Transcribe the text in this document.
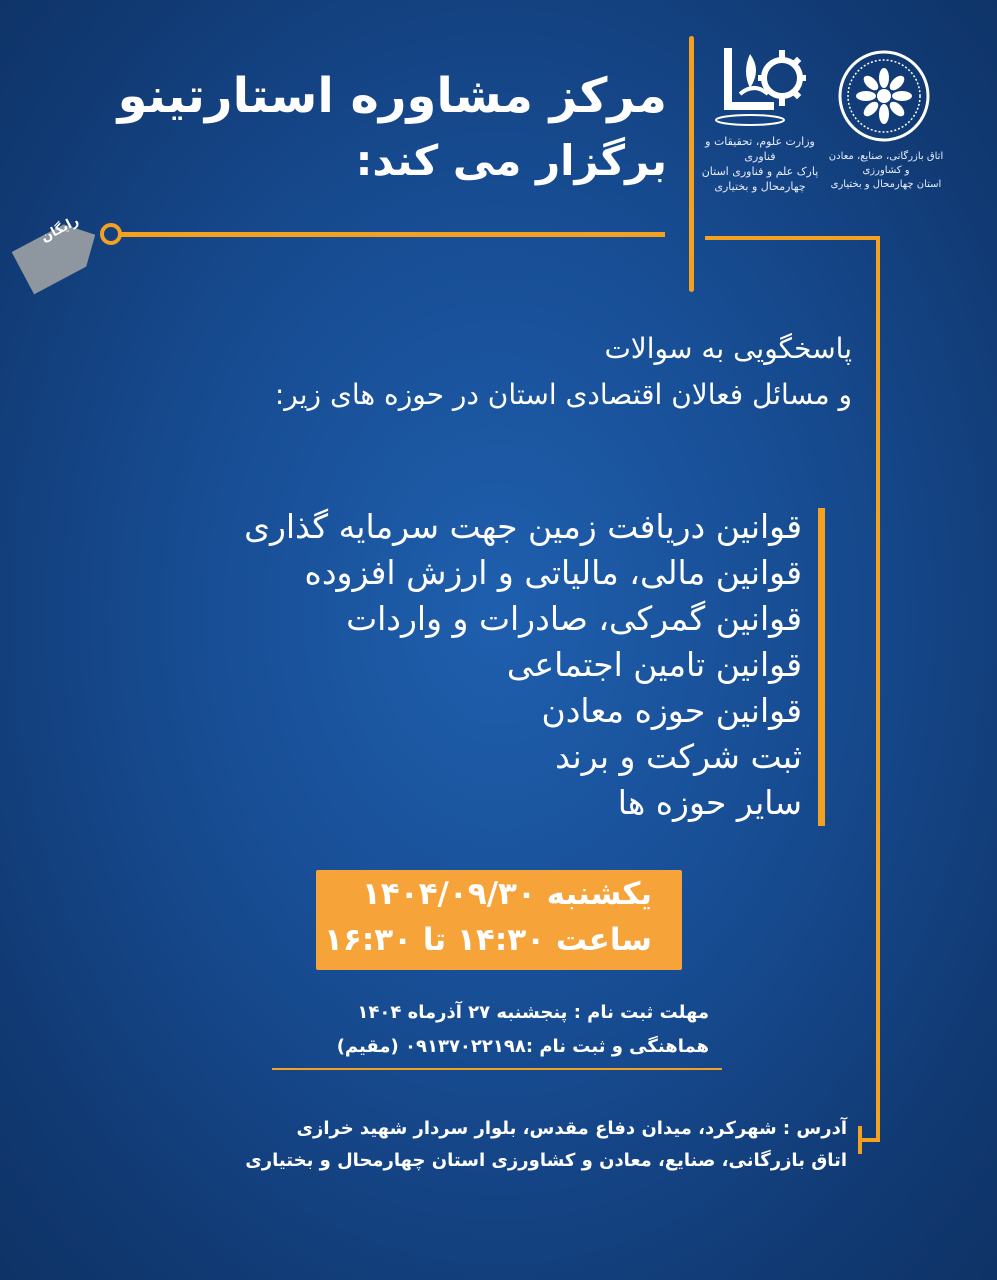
مرکز مشاوره استارتینو
برگزار می کند:
رایگان
وزارت علوم، تحقیقات و فناوری
پارک علم و فناوری استان چهارمحال و بختیاری
اتاق بازرگانی، صنایع، معادن و کشاورزی
استان چهارمحال و بختیاری
پاسخگویی به سوالات
و مسائل فعالان اقتصادی استان در حوزه های زیر:
قوانین دریافت زمین جهت سرمایه گذاری
قوانین مالی، مالیاتی و ارزش افزوده
قوانین گمرکی، صادرات و واردات
قوانین تامین اجتماعی
قوانین حوزه معادن
ثبت شرکت و برند
سایر حوزه ها
یکشنبه ۱۴۰۴/۰۹/۳۰
ساعت ۱۴:۳۰ تا ۱۶:۳۰
مهلت ثبت نام : پنجشنبه ۲۷ آذرماه ۱۴۰۴
هماهنگی و ثبت نام :۰۹۱۳۷۰۲۲۱۹۸ (مقیم)
آدرس : شهرکرد، میدان دفاع مقدس، بلوار سردار شهید خرازی
اتاق بازرگانی، صنایع، معادن و کشاورزی استان چهارمحال و بختیاری
